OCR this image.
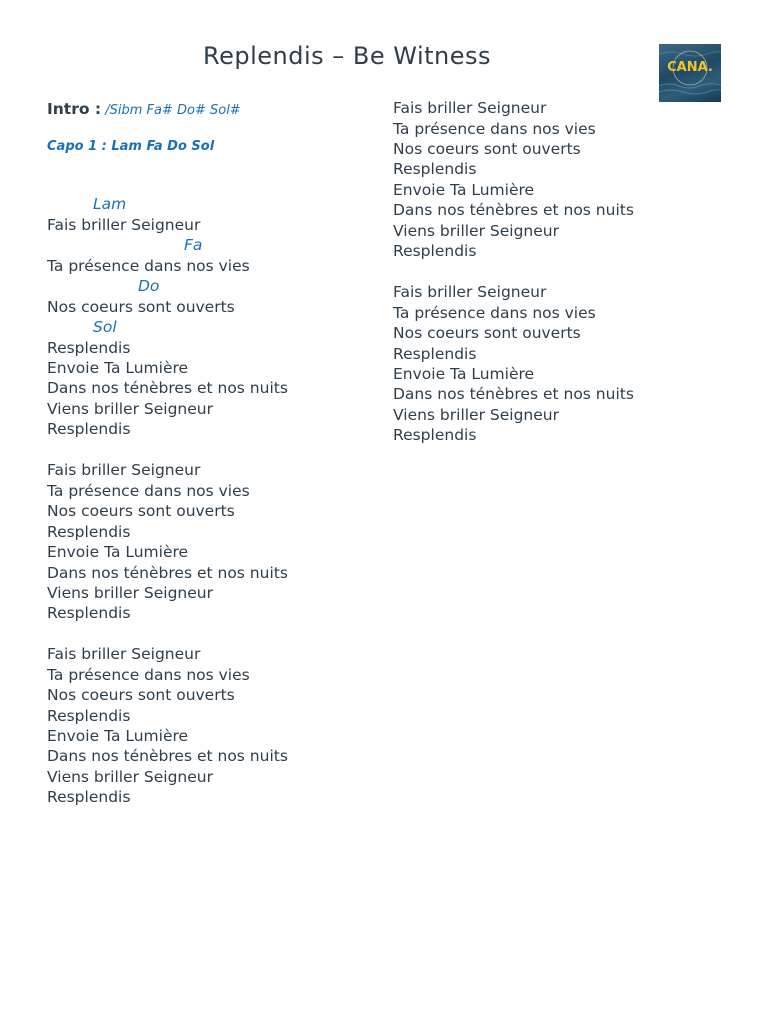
Replendis – Be Witness	CANA.
Intro : /Sibm Fa# Do# Sol#
Capo 1 : Lam Fa Do Sol
Lam
Fa
Do
Sol
Fais briller Seigneur
Ta présence dans nos vies
Nos coeurs sont ouverts
Resplendis
Envoie Ta Lumière
Dans nos ténèbres et nos nuits
Viens briller Seigneur
Resplendis
Fais briller Seigneur
Ta présence dans nos vies
Nos coeurs sont ouverts
Resplendis
Envoie Ta Lumière
Dans nos ténèbres et nos nuits
Viens briller Seigneur
Resplendis
Fais briller Seigneur
Ta présence dans nos vies
Nos coeurs sont ouverts
Resplendis
Envoie Ta Lumière
Dans nos ténèbres et nos nuits
Viens briller Seigneur
Resplendis
Fais briller Seigneur
Ta présence dans nos vies
Nos coeurs sont ouverts
Resplendis
Envoie Ta Lumière
Dans nos ténèbres et nos nuits
Viens briller Seigneur
Resplendis
Fais briller Seigneur
Ta présence dans nos vies
Nos coeurs sont ouverts
Resplendis
Envoie Ta Lumière
Dans nos ténèbres et nos nuits
Viens briller Seigneur
Resplendis
